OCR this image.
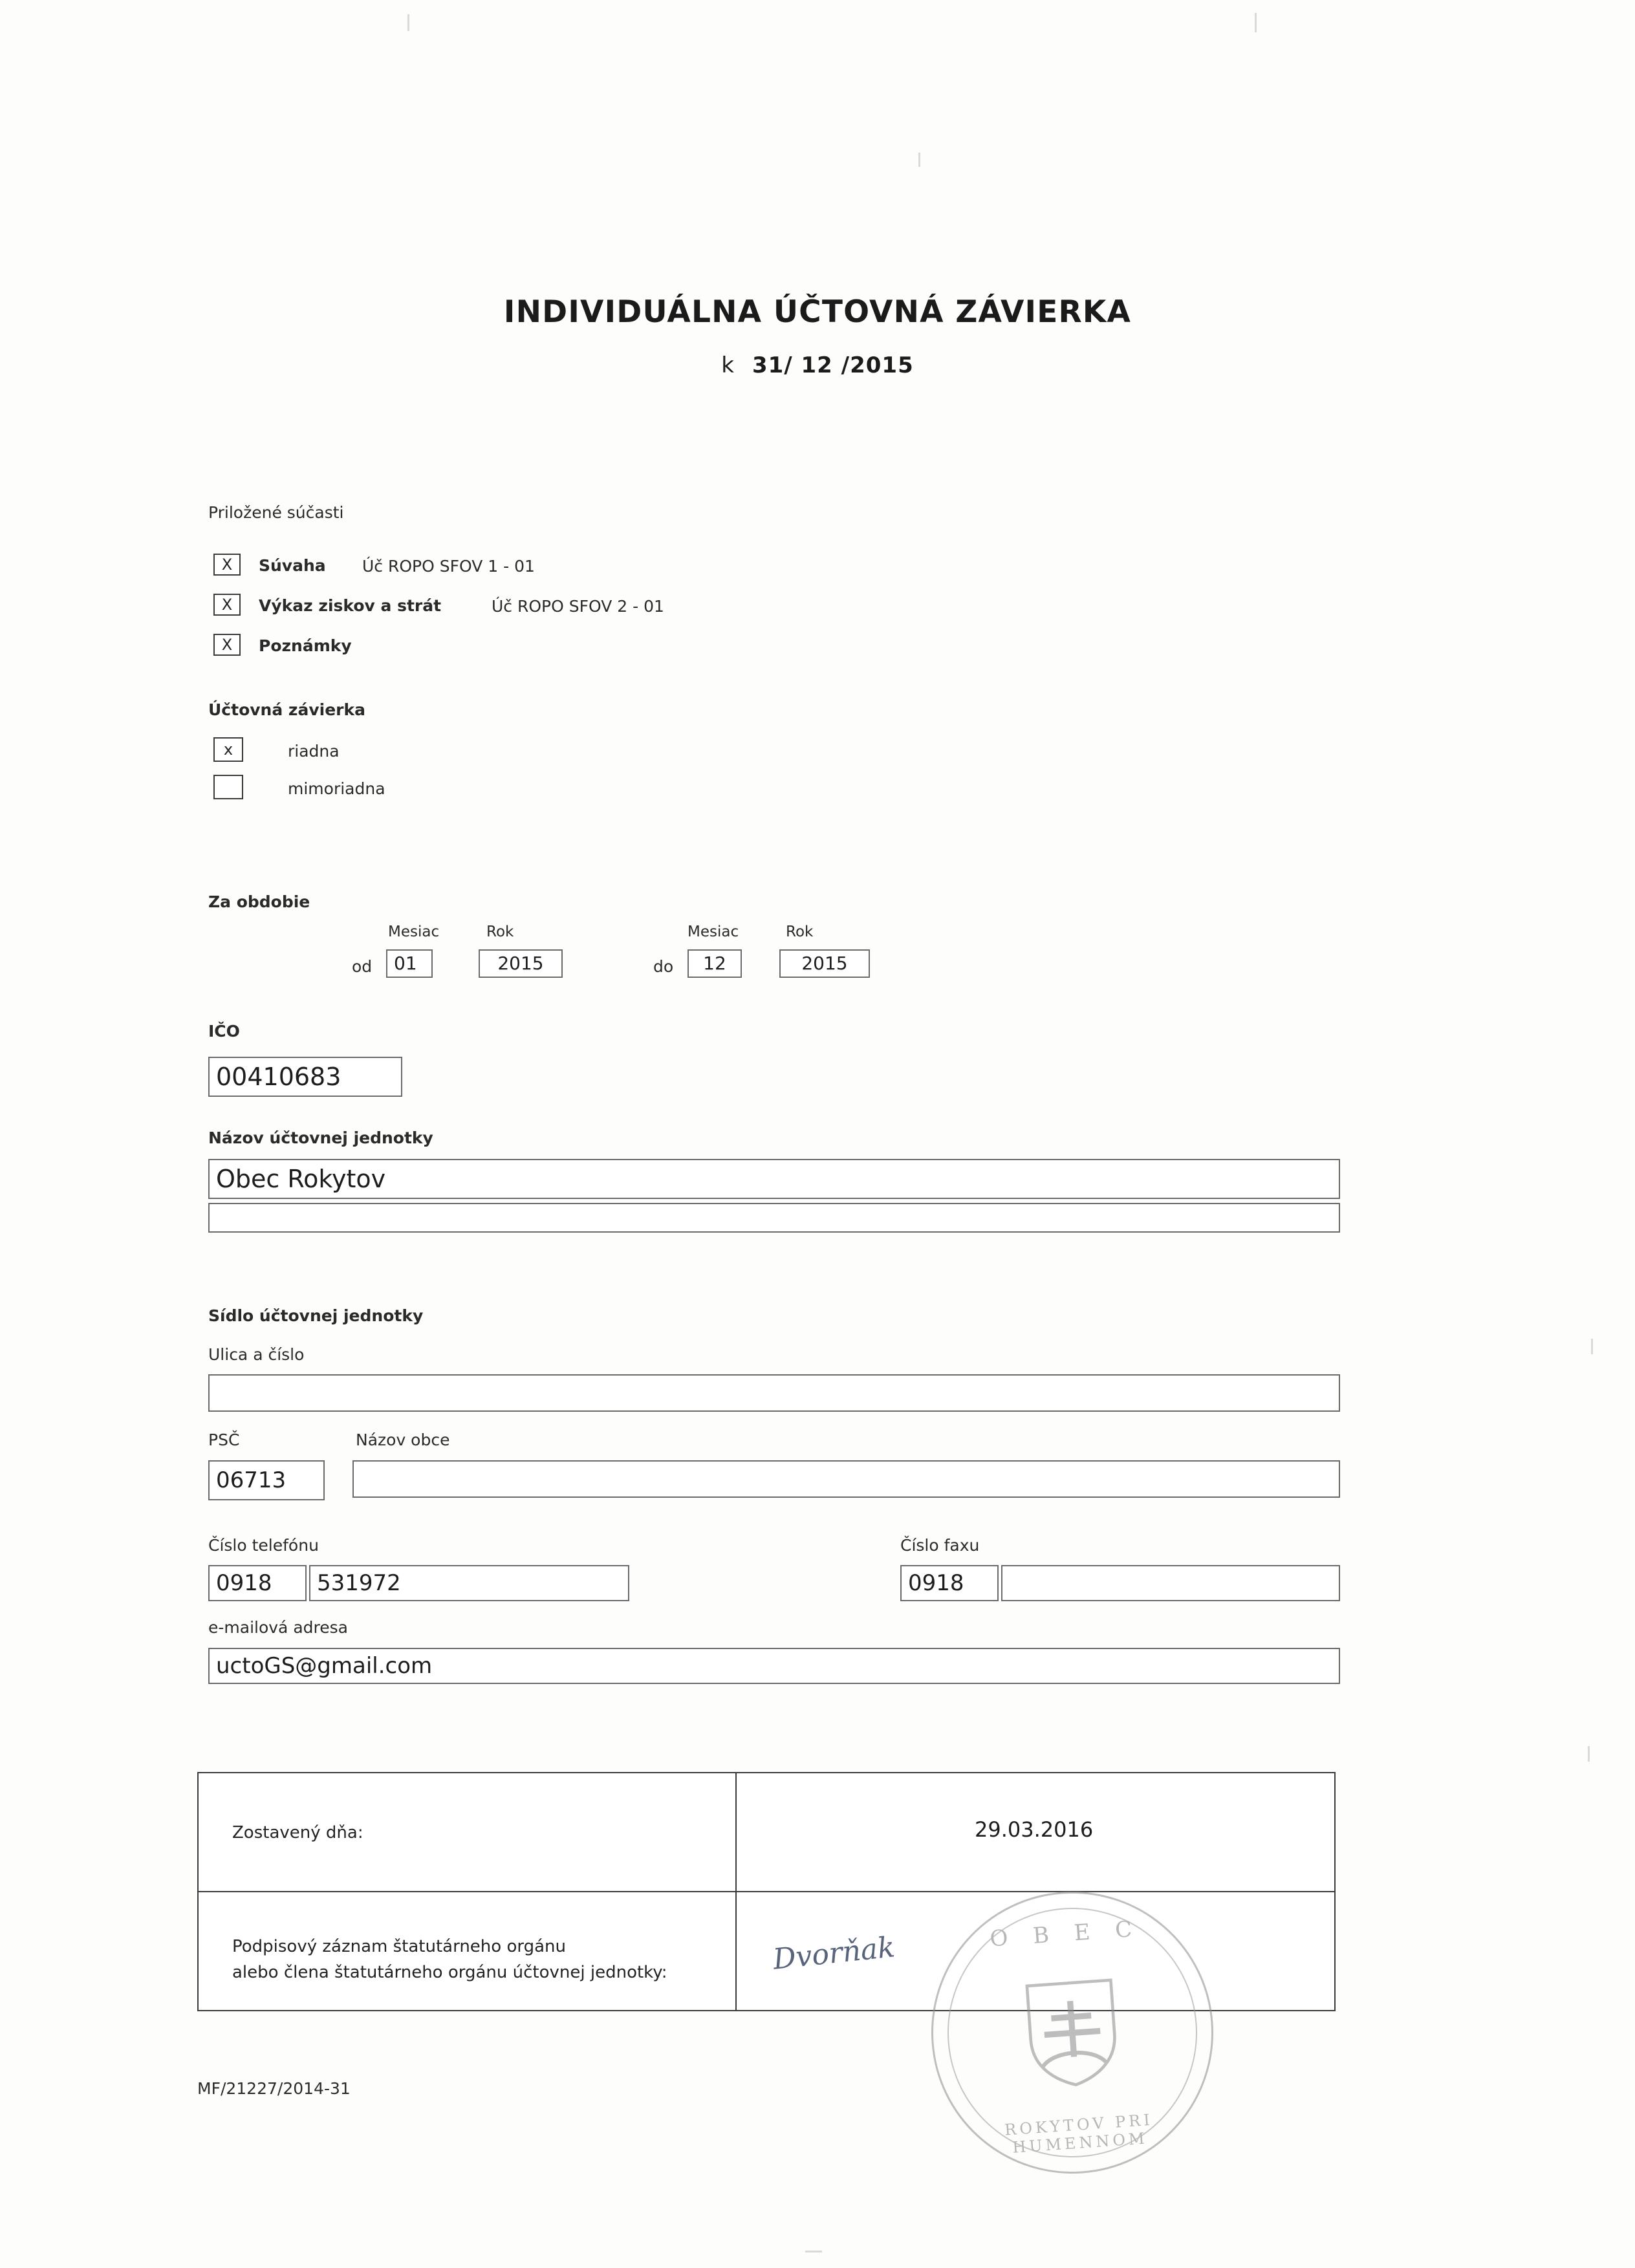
INDIVIDUÁLNA ÚČTOVNÁ ZÁVIERKA
k 31/ 12 /2015
Priložené súčasti
X	Súvaha Úč ROPO SFOV 1 - 01
X	Výkaz ziskov a strát	Úč ROPO SFOV 2 - 01
X	Poznámky
Účtovná závierka
x	riadna
mimoriadna
Za obdobie
Mesiac	Rok	Mesiac	Rok
od	01	2015	do	12	2015
IČO
00410683
Názov účtovnej jednotky
Obec Rokytov
Sídlo účtovnej jednotky
Ulica a číslo
PSČ	Názov obce
06713
Číslo telefónu	Číslo faxu
0918	531972	0918
e-mailová adresa
uctoGS@gmail.com
Zostavený dňa:	29.03.2016
Podpisový záznam štatutárneho orgánu
alebo člena štatutárneho orgánu účtovnej jednotky:	Dvorňak	O B E C
ROKYTOV PRI HUMENNOM
MF/21227/2014-31
